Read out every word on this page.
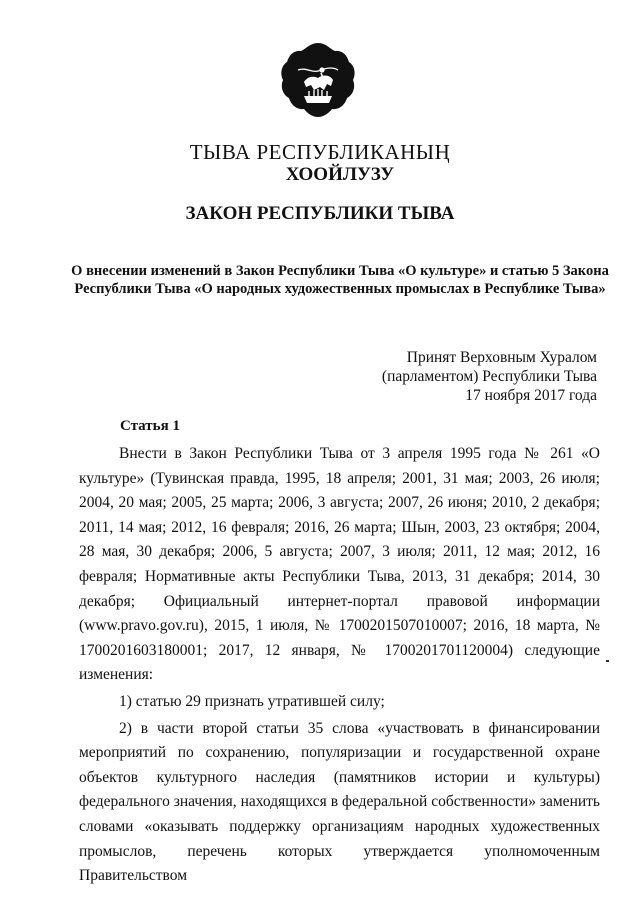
ТЫВА РЕСПУБЛИКАНЫҢ
ХООЙЛУЗУ
ЗАКОН РЕСПУБЛИКИ ТЫВА
О внесении изменений в Закон Республики Тыва «О культуре» и статью 5 Закона Республики Тыва «О народных художественных промыслах в Республике Тыва»
Принят Верховным Хуралом
(парламентом) Республики Тыва
17 ноября 2017 года
Статья 1

Внести в Закон Республики Тыва от 3 апреля 1995 года № 261 «О культуре» (Тувинская правда, 1995, 18 апреля; 2001, 31 мая; 2003, 26 июля; 2004, 20 мая; 2005, 25 марта; 2006, 3 августа; 2007, 26 июня; 2010, 2 декабря; 2011, 14 мая; 2012, 16 февраля; 2016, 26 марта; Шын, 2003, 23 октября; 2004, 28 мая, 30 декабря; 2006, 5 августа; 2007, 3 июля; 2011, 12 мая; 2012, 16 февраля; Нормативные акты Республики Тыва, 2013, 31 декабря; 2014, 30 декабря; Официальный интернет-портал правовой информации (www.pravo.gov.ru), 2015, 1 июля, № 1700201507010007; 2016, 18 марта, № 1700201603180001; 2017, 12 января, № 1700201701120004) следующие изменения:

1) статью 29 признать утратившей силу;

2) в части второй статьи 35 слова «участвовать в финансировании мероприятий по сохранению, популяризации и государственной охране объектов культурного наследия (памятников истории и культуры) федерального значения, находящихся в федеральной собственности» заменить словами «оказывать поддержку организациям народных художественных промыслов, перечень которых утверждается уполномоченным Правительством
